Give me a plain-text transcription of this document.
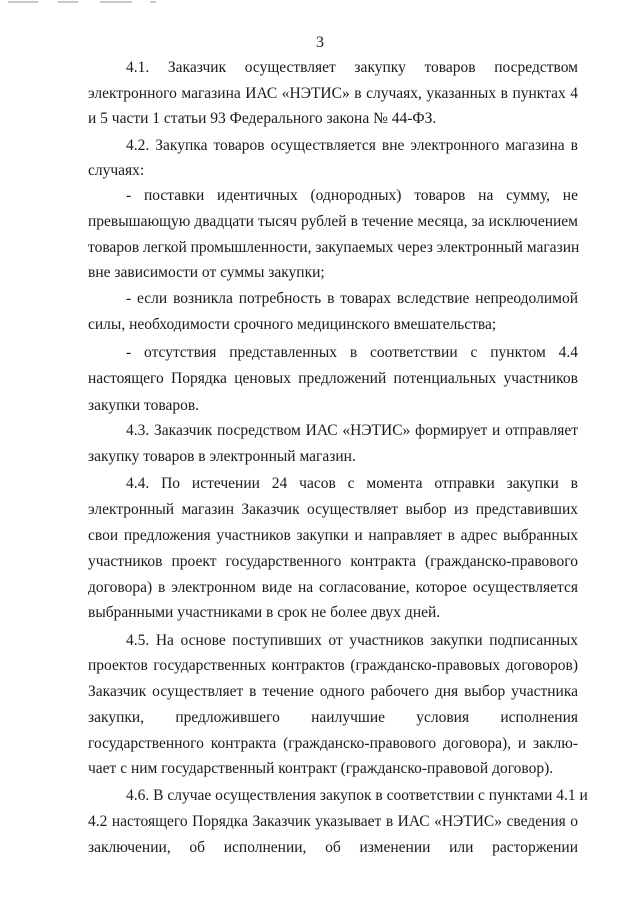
3
4.1. Заказчик осуществляет закупку товаров посредством
электронного магазина ИАС «НЭТИС» в случаях, указанных в пунктах 4
и 5 части 1 статьи 93 Федерального закона № 44-ФЗ.
4.2. Закупка товаров осуществляется вне электронного магазина в
случаях:
- поставки идентичных (однородных) товаров на сумму, не
превышающую двадцати тысяч рублей в течение месяца, за исключением
товаров легкой промышленности, закупаемых через электронный магазин
вне зависимости от суммы закупки;
- если возникла потребность в товарах вследствие непреодолимой
силы, необходимости срочного медицинского вмешательства;
- отсутствия представленных в соответствии с пунктом 4.4
настоящего Порядка ценовых предложений потенциальных участников
закупки товаров.
4.3. Заказчик посредством ИАС «НЭТИС» формирует и отправляет
закупку товаров в электронный магазин.
4.4. По истечении 24 часов с момента отправки закупки в
электронный магазин Заказчик осуществляет выбор из представивших
свои предложения участников закупки и направляет в адрес выбранных
участников проект государственного контракта (гражданско-правового
договора) в электронном виде на согласование, которое осуществляется
выбранными участниками в срок не более двух дней.
4.5. На основе поступивших от участников закупки подписанных
проектов государственных контрактов (гражданско-правовых договоров)
Заказчик осуществляет в течение одного рабочего дня выбор участника
закупки, предложившего наилучшие условия исполнения
государственного контракта (гражданско-правового договора), и заклю-
чает с ним государственный контракт (гражданско-правовой договор).
4.6. В случае осуществления закупок в соответствии с пунктами 4.1 и
4.2 настоящего Порядка Заказчик указывает в ИАС «НЭТИС» сведения о
заключении, об исполнении, об изменении или расторжении
